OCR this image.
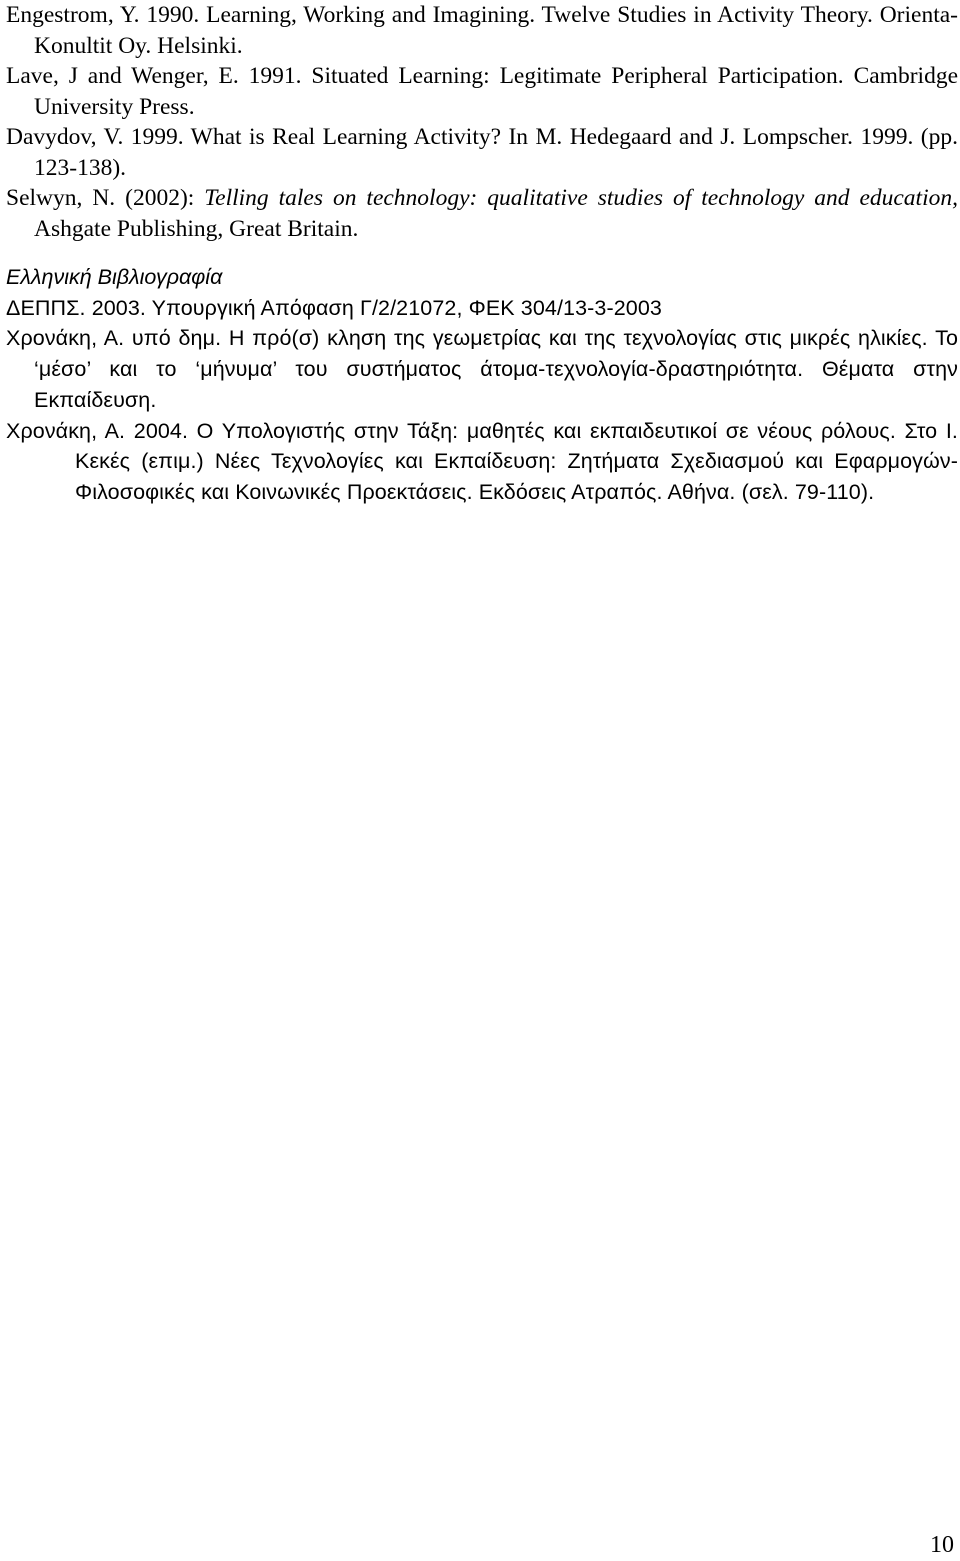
Engestrom, Y. 1990. Learning, Working and Imagining. Twelve Studies in Activity Theory. Orienta-Konultit Oy. Helsinki.

Lave, J and Wenger, E. 1991. Situated Learning: Legitimate Peripheral Participation. Cambridge University Press.

Davydov, V. 1999. What is Real Learning Activity? In M. Hedegaard and J. Lompscher. 1999. (pp. 123-138).

Selwyn, N. (2002): Telling tales on technology: qualitative studies of technology and education, Ashgate Publishing, Great Britain.

Ελληνική Βιβλιογραφία

ΔΕΠΠΣ. 2003. Υπουργική Απόφαση Γ/2/21072, ΦΕΚ 304/13-3-2003

Χρονάκη, Α. υπό δημ. Η πρό(σ) κληση της γεωμετρίας και της τεχνολογίας στις μικρές ηλικίες. Το ‘μέσο’ και το ‘μήνυμα’ του συστήματος άτομα-τεχνολογία-δραστηριότητα. Θέματα στην Εκπαίδευση.

Χρονάκη, Α. 2004. Ο Υπολογιστής στην Τάξη: μαθητές και εκπαιδευτικοί σε νέους ρόλους. Στο Ι. Κεκές (επιμ.) Νέες Τεχνολογίες και Εκπαίδευση: Ζητήματα Σχεδιασμού και Εφαρμογών-Φιλοσοφικές και Κοινωνικές Προεκτάσεις. Εκδόσεις Ατραπός. Αθήνα. (σελ. 79-110).

10
